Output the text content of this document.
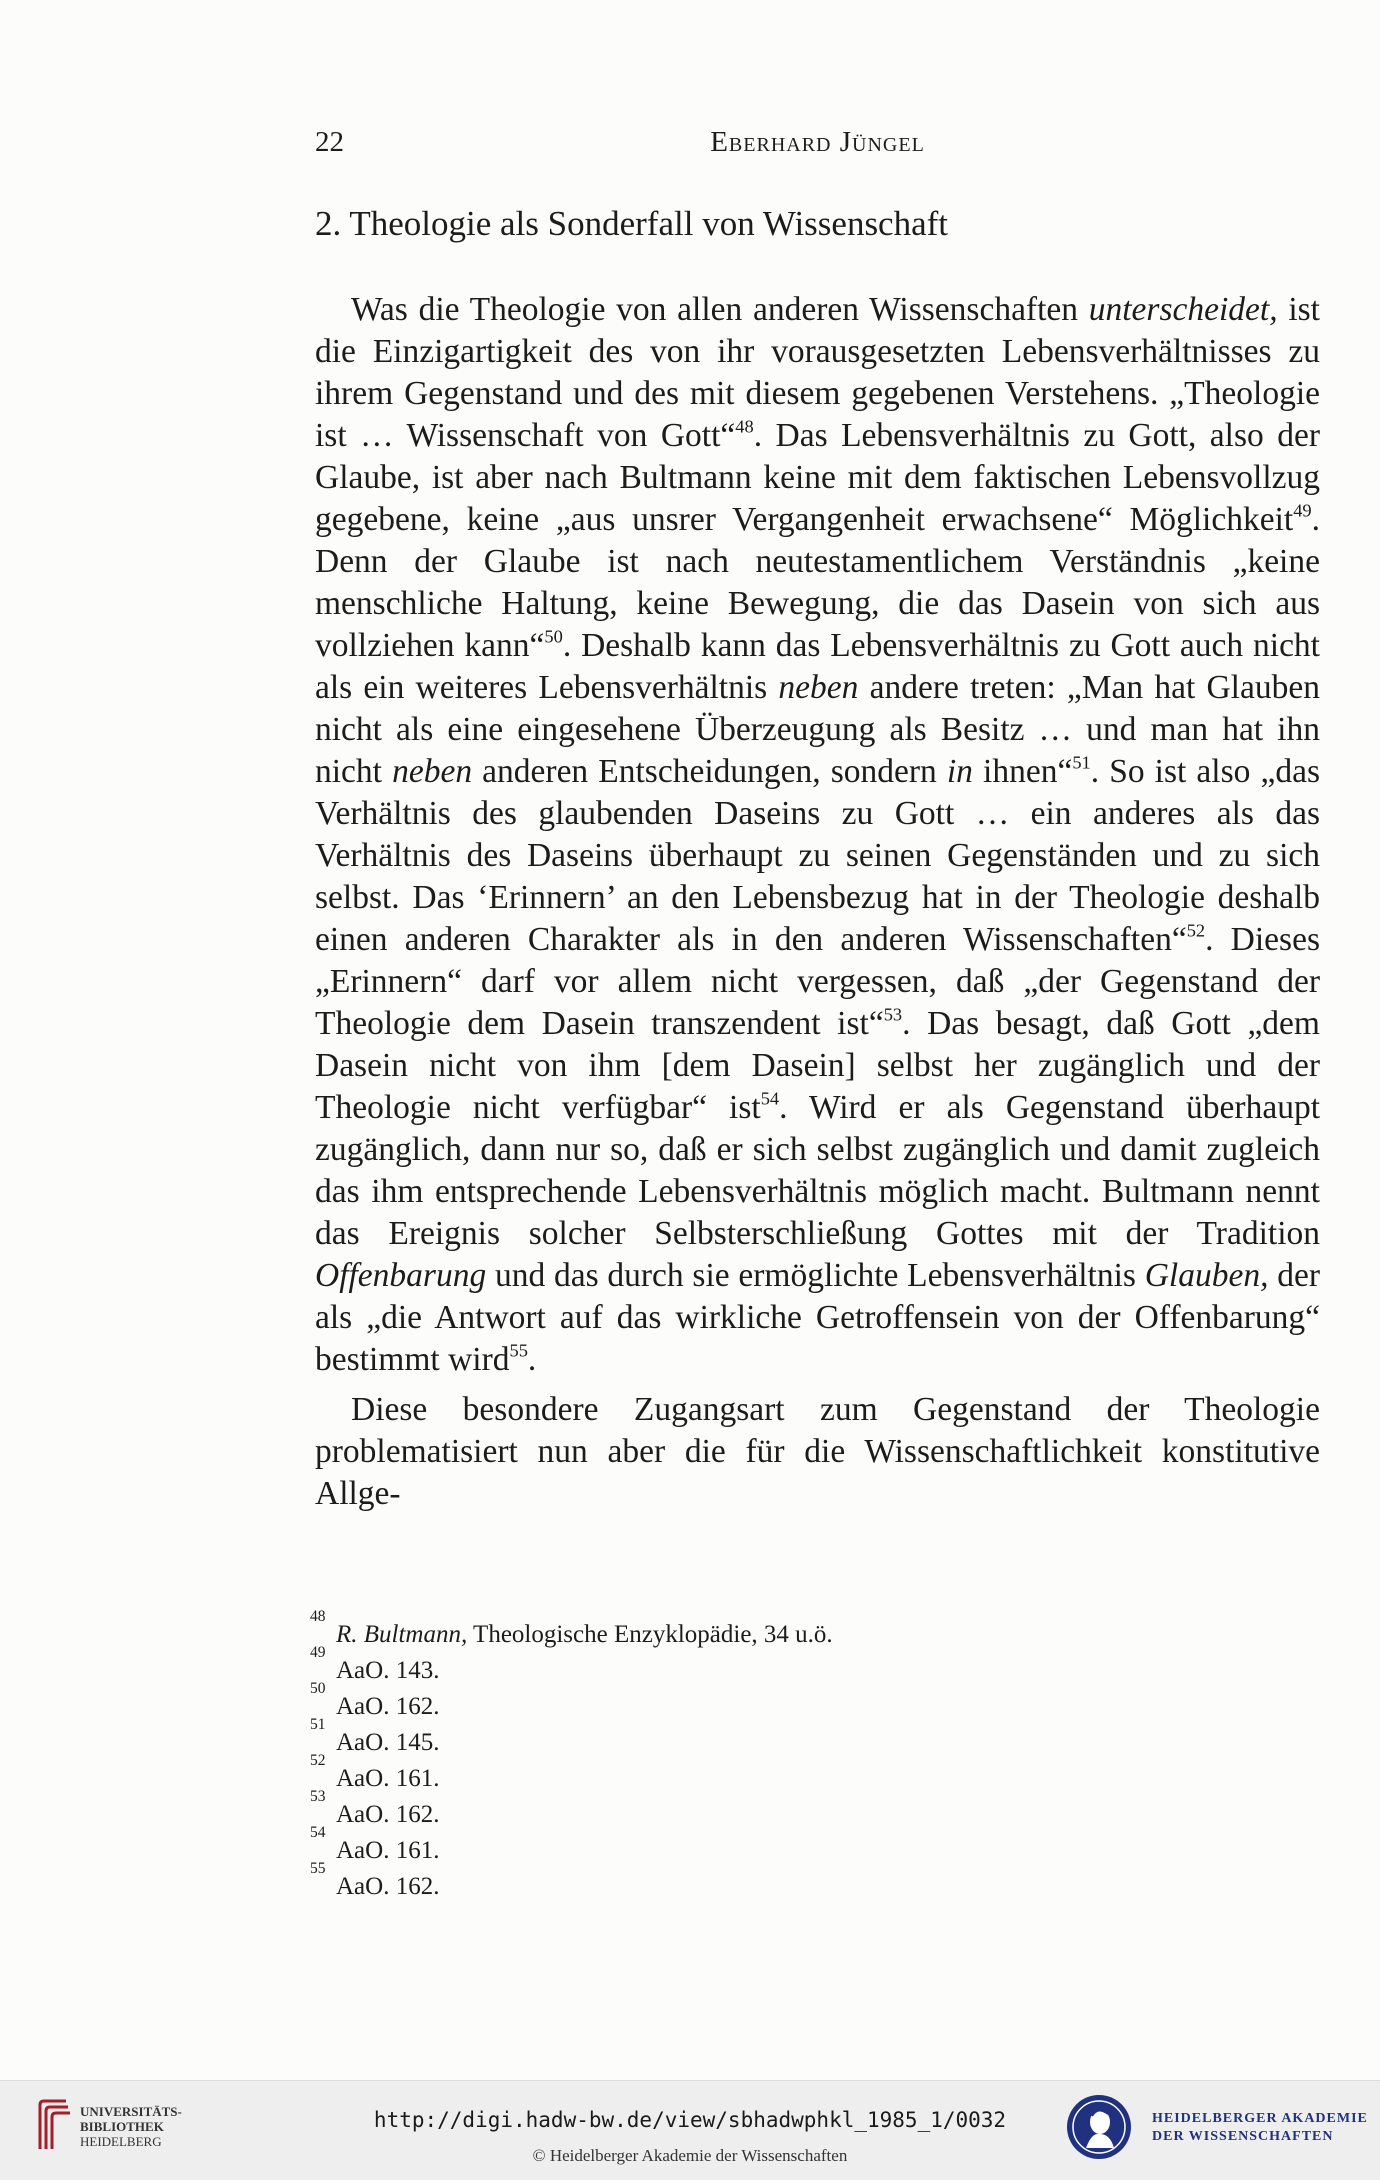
22	Eberhard Jüngel
2. Theologie als Sonderfall von Wissenschaft

Was die Theologie von allen anderen Wissenschaften unterscheidet, ist die Einzigartigkeit des von ihr vorausgesetzten Lebensverhältnisses zu ihrem Gegenstand und des mit diesem gegebenen Verstehens. „Theologie ist … Wissenschaft von Gott“$^{48}$. Das Lebensverhältnis zu Gott, also der Glaube, ist aber nach Bultmann keine mit dem faktischen Lebensvollzug gegebene, keine „aus unsrer Vergangenheit erwachsene“ Möglichkeit$^{49}$. Denn der Glaube ist nach neutestamentlichem Verständnis „keine menschliche Haltung, keine Bewegung, die das Dasein von sich aus vollziehen kann“$^{50}$. Deshalb kann das Lebensverhältnis zu Gott auch nicht als ein weiteres Lebensverhältnis neben andere treten: „Man hat Glauben nicht als eine eingesehene Überzeugung als Besitz … und man hat ihn nicht neben anderen Entscheidungen, sondern in ihnen“$^{51}$. So ist also „das Verhältnis des glaubenden Daseins zu Gott … ein anderes als das Verhältnis des Daseins überhaupt zu seinen Gegenständen und zu sich selbst. Das ‘Erinnern’ an den Lebensbezug hat in der Theologie deshalb einen anderen Charakter als in den anderen Wissenschaften“$^{52}$. Dieses „Erinnern“ darf vor allem nicht vergessen, daß „der Gegenstand der Theologie dem Dasein transzendent ist“$^{53}$. Das besagt, daß Gott „dem Dasein nicht von ihm [dem Dasein] selbst her zugänglich und der Theologie nicht verfügbar“ ist$^{54}$. Wird er als Gegenstand überhaupt zugänglich, dann nur so, daß er sich selbst zugänglich und damit zugleich das ihm entsprechende Lebensverhältnis möglich macht. Bultmann nennt das Ereignis solcher Selbsterschließung Gottes mit der Tradition Offenbarung und das durch sie ermöglichte Lebensverhältnis Glauben, der als „die Antwort auf das wirkliche Getroffensein von der Offenbarung“ bestimmt wird$^{55}$.

Diese besondere Zugangsart zum Gegenstand der Theologie problematisiert nun aber die für die Wissenschaftlichkeit konstitutive Allge-

48
R. Bultmann, Theologische Enzyklopädie, 34 u.ö.
49
AaO. 143.
50
AaO. 162.
51
AaO. 145.
52
AaO. 161.
53
AaO. 162.
54
AaO. 161.
55
AaO. 162.
UNIVERSITÄTS-
BIBLIOTHEK
HEIDELBERG
http://digi.hadw-bw.de/view/sbhadwphkl_1985_1/0032
© Heidelberger Akademie der Wissenschaften
HEIDELBERGER AKADEMIE
DER WISSENSCHAFTEN
